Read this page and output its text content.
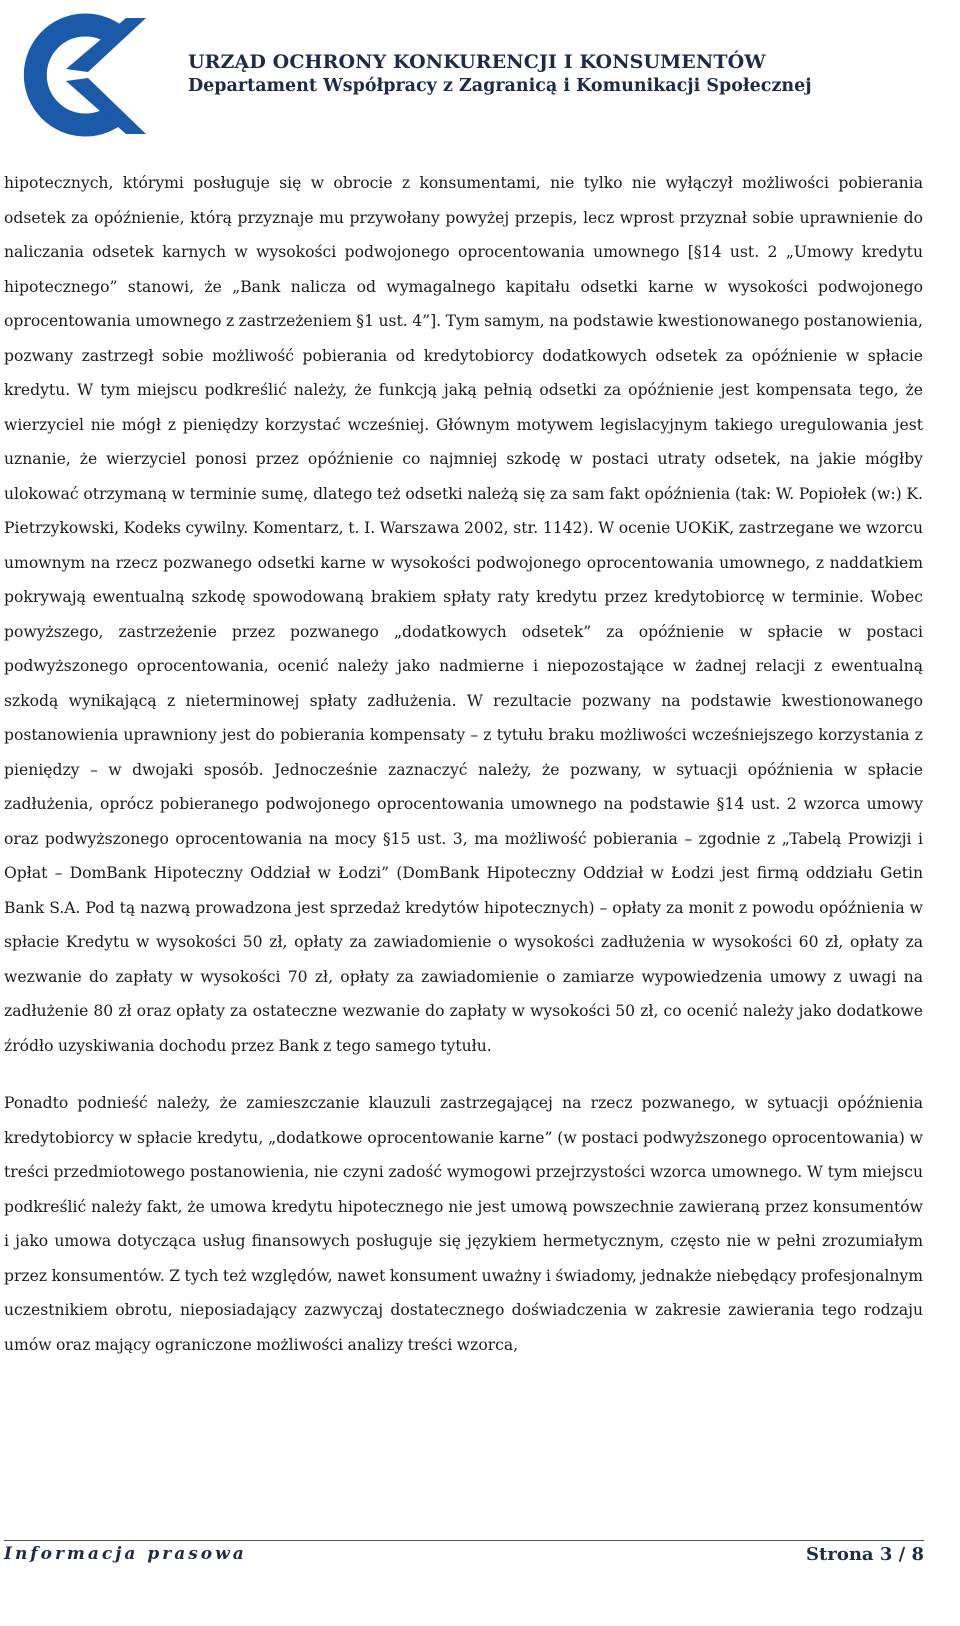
URZĄD OCHRONY KONKURENCJI I KONSUMENTÓW
Departament Współpracy z Zagranicą i Komunikacji Społecznej

hipotecznych, którymi posługuje się w obrocie z konsumentami, nie tylko nie wyłączył możliwości pobierania odsetek za opóźnienie, którą przyznaje mu przywołany powyżej przepis, lecz wprost przyznał sobie uprawnienie do naliczania odsetek karnych w wysokości podwojonego oprocentowania umownego [§14 ust. 2 „Umowy kredytu hipotecznego” stanowi, że „Bank nalicza od wymagalnego kapitału odsetki karne w wysokości podwojonego oprocentowania umownego z zastrzeżeniem §1 ust. 4”]. Tym samym, na podstawie kwestionowanego postanowienia, pozwany zastrzegł sobie możliwość pobierania od kredytobiorcy dodatkowych odsetek za opóźnienie w spłacie kredytu. W tym miejscu podkreślić należy, że funkcją jaką pełnią odsetki za opóźnienie jest kompensata tego, że wierzyciel nie mógł z pieniędzy korzystać wcześniej. Głównym motywem legislacyjnym takiego uregulowania jest uznanie, że wierzyciel ponosi przez opóźnienie co najmniej szkodę w postaci utraty odsetek, na jakie mógłby ulokować otrzymaną w terminie sumę, dlatego też odsetki należą się za sam fakt opóźnienia (tak: W. Popiołek (w:) K. Pietrzykowski, Kodeks cywilny. Komentarz, t. I. Warszawa 2002, str. 1142). W ocenie UOKiK, zastrzegane we wzorcu umownym na rzecz pozwanego odsetki karne w wysokości podwojonego oprocentowania umownego, z naddatkiem pokrywają ewentualną szkodę spowodowaną brakiem spłaty raty kredytu przez kredytobiorcę w terminie. Wobec powyższego, zastrzeżenie przez pozwanego „dodatkowych odsetek” za opóźnienie w spłacie w postaci podwyższonego oprocentowania, ocenić należy jako nadmierne i niepozostające w żadnej relacji z ewentualną szkodą wynikającą z nieterminowej spłaty zadłużenia. W rezultacie pozwany na podstawie kwestionowanego postanowienia uprawniony jest do pobierania kompensaty – z tytułu braku możliwości wcześniejszego korzystania z pieniędzy – w dwojaki sposób. Jednocześnie zaznaczyć należy, że pozwany, w sytuacji opóźnienia w spłacie zadłużenia, oprócz pobieranego podwojonego oprocentowania umownego na podstawie §14 ust. 2 wzorca umowy oraz podwyższonego oprocentowania na mocy §15 ust. 3, ma możliwość pobierania – zgodnie z „Tabelą Prowizji i Opłat – DomBank Hipoteczny Oddział w Łodzi” (DomBank Hipoteczny Oddział w Łodzi jest firmą oddziału Getin Bank S.A. Pod tą nazwą prowadzona jest sprzedaż kredytów hipotecznych) – opłaty za monit z powodu opóźnienia w spłacie Kredytu w wysokości 50 zł, opłaty za zawiadomienie o wysokości zadłużenia w wysokości 60 zł, opłaty za wezwanie do zapłaty w wysokości 70 zł, opłaty za zawiadomienie o zamiarze wypowiedzenia umowy z uwagi na zadłużenie 80 zł oraz opłaty za ostateczne wezwanie do zapłaty w wysokości 50 zł, co ocenić należy jako dodatkowe źródło uzyskiwania dochodu przez Bank z tego samego tytułu.

Ponadto podnieść należy, że zamieszczanie klauzuli zastrzegającej na rzecz pozwanego, w sytuacji opóźnienia kredytobiorcy w spłacie kredytu, „dodatkowe oprocentowanie karne” (w postaci podwyższonego oprocentowania) w treści przedmiotowego postanowienia, nie czyni zadość wymogowi przejrzystości wzorca umownego. W tym miejscu podkreślić należy fakt, że umowa kredytu hipotecznego nie jest umową powszechnie zawieraną przez konsumentów i jako umowa dotycząca usług finansowych posługuje się językiem hermetycznym, często nie w pełni zrozumiałym przez konsumentów. Z tych też względów, nawet konsument uważny i świadomy, jednakże niebędący profesjonalnym uczestnikiem obrotu, nieposiadający zazwyczaj dostatecznego doświadczenia w zakresie zawierania tego rodzaju umów oraz mający ograniczone możliwości analizy treści wzorca,

Informacja prasowa	Strona 3 / 8
